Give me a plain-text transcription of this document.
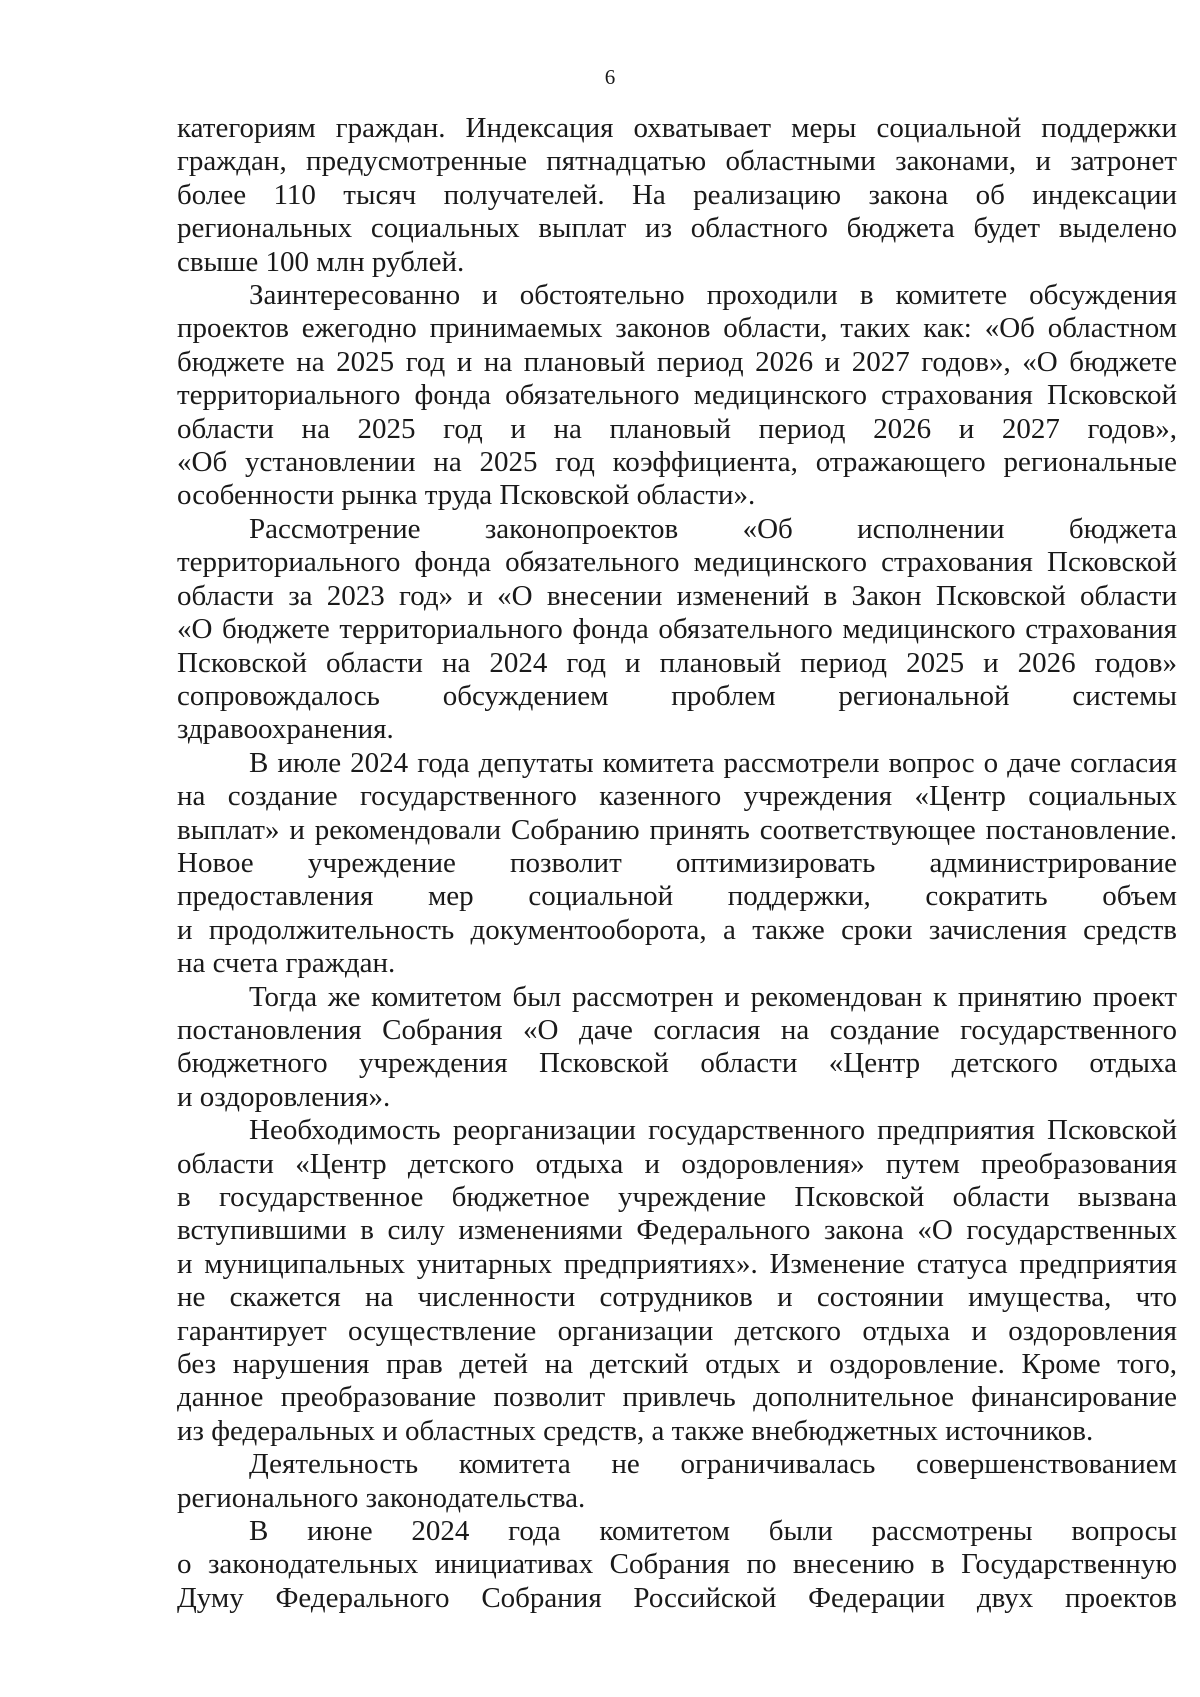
6
категориям граждан. Индексация охватывает меры социальной поддержки
граждан, предусмотренные пятнадцатью областными законами, и затронет
более 110 тысяч получателей. На реализацию закона об индексации
региональных социальных выплат из областного бюджета будет выделено
свыше 100 млн рублей.
Заинтересованно и обстоятельно проходили в комитете обсуждения
проектов ежегодно принимаемых законов области, таких как: «Об областном
бюджете на 2025 год и на плановый период 2026 и 2027 годов», «О бюджете
территориального фонда обязательного медицинского страхования Псковской
области на 2025 год и на плановый период 2026 и 2027 годов»,
«Об установлении на 2025 год коэффициента, отражающего региональные
особенности рынка труда Псковской области».
Рассмотрение законопроектов «Об исполнении бюджета
территориального фонда обязательного медицинского страхования Псковской
области за 2023 год» и «О внесении изменений в Закон Псковской области
«О бюджете территориального фонда обязательного медицинского страхования
Псковской области на 2024 год и плановый период 2025 и 2026 годов»
сопровождалось обсуждением проблем региональной системы
здравоохранения.
В июле 2024 года депутаты комитета рассмотрели вопрос о даче согласия
на создание государственного казенного учреждения «Центр социальных
выплат» и рекомендовали Собранию принять соответствующее постановление.
Новое учреждение позволит оптимизировать администрирование
предоставления мер социальной поддержки, сократить объем
и продолжительность документооборота, а также сроки зачисления средств
на счета граждан.
Тогда же комитетом был рассмотрен и рекомендован к принятию проект
постановления Собрания «О даче согласия на создание государственного
бюджетного учреждения Псковской области «Центр детского отдыха
и оздоровления».
Необходимость реорганизации государственного предприятия Псковской
области «Центр детского отдыха и оздоровления» путем преобразования
в государственное бюджетное учреждение Псковской области вызвана
вступившими в силу изменениями Федерального закона «О государственных
и муниципальных унитарных предприятиях». Изменение статуса предприятия
не скажется на численности сотрудников и состоянии имущества, что
гарантирует осуществление организации детского отдыха и оздоровления
без нарушения прав детей на детский отдых и оздоровление. Кроме того,
данное преобразование позволит привлечь дополнительное финансирование
из федеральных и областных средств, а также внебюджетных источников.
Деятельность комитета не ограничивалась совершенствованием
регионального законодательства.
В июне 2024 года комитетом были рассмотрены вопросы
о законодательных инициативах Собрания по внесению в Государственную
Думу Федерального Собрания Российской Федерации двух проектов
